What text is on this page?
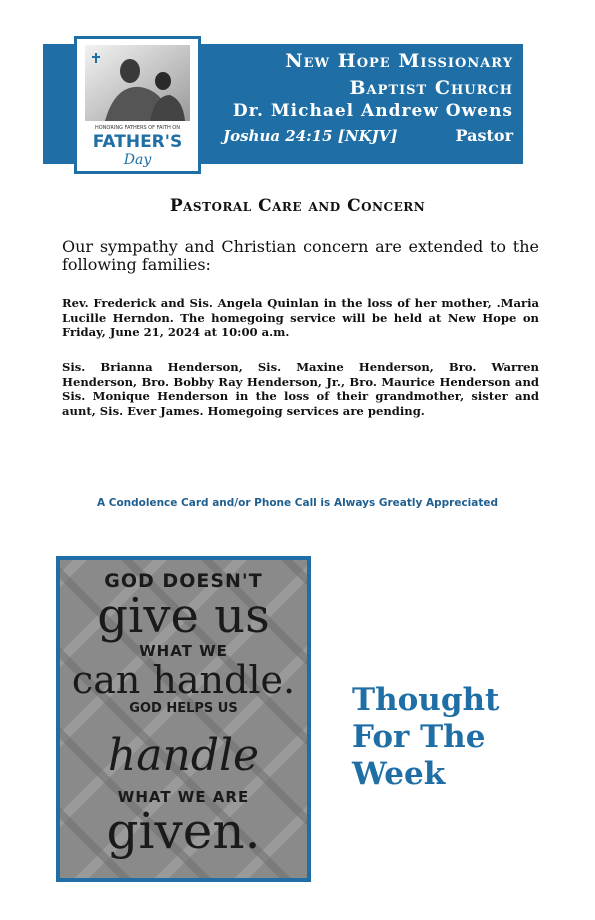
New Hope Missionary
Baptist Church
Dr. Michael Andrew Owens
Joshua 24:15 [NKJV]	Pastor
HONORING FATHERS OF FAITH ON
FATHER'S
Day
Pastoral Care and Concern
Our sympathy and Christian concern are extended to the following families:
Rev. Frederick and Sis. Angela Quinlan in the loss of her mother, .Maria Lucille Herndon. The homegoing service will be held at New Hope on Friday, June 21, 2024 at 10:00 a.m.
Sis. Brianna Henderson, Sis. Maxine Henderson, Bro. Warren Henderson, Bro. Bobby Ray Henderson, Jr., Bro. Maurice Henderson and Sis. Monique Henderson in the loss of their grandmother, sister and aunt, Sis. Ever James. Homegoing services are pending.
A Condolence Card and/or Phone Call is Always Greatly Appreciated
GOD DOESN'T
give us
WHAT WE
can handle.
GOD HELPS US
handle
WHAT WE ARE
given.
Thought For The Week
